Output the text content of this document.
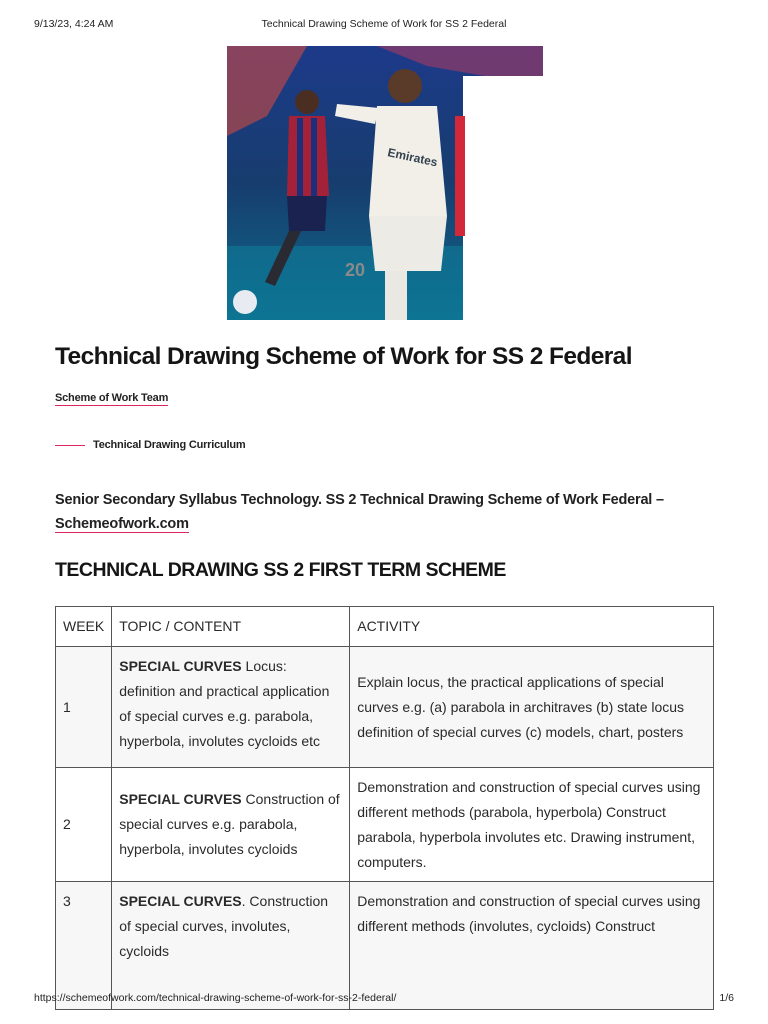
9/13/23, 4:24 AM	Technical Drawing Scheme of Work for SS 2 Federal
Emirates
20
Technical Drawing Scheme of Work for SS 2 Federal
Scheme of Work Team
Technical Drawing Curriculum
Senior Secondary Syllabus Technology. SS 2 Technical Drawing Scheme of Work Federal –
Schemeofwork.com
TECHNICAL DRAWING SS 2 FIRST TERM SCHEME
WEEK	TOPIC / CONTENT	ACTIVITY
1	SPECIAL CURVES Locus: definition and practical application of special curves e.g. parabola, hyperbola, involutes cycloids etc	Explain locus, the practical applications of special curves e.g. (a) parabola in architraves (b) state locus definition of special curves (c) models, chart, posters
2	SPECIAL CURVES Construction of special curves e.g. parabola, hyperbola, involutes cycloids	Demonstration and construction of special curves using different methods (parabola, hyperbola) Construct parabola, hyperbola involutes etc. Drawing instrument, computers.
3	SPECIAL CURVES. Construction of special curves, involutes, cycloids	Demonstration and construction of special curves using different methods (involutes, cycloids) Construct
https://schemeofwork.com/technical-drawing-scheme-of-work-for-ss-2-federal/	1/6
